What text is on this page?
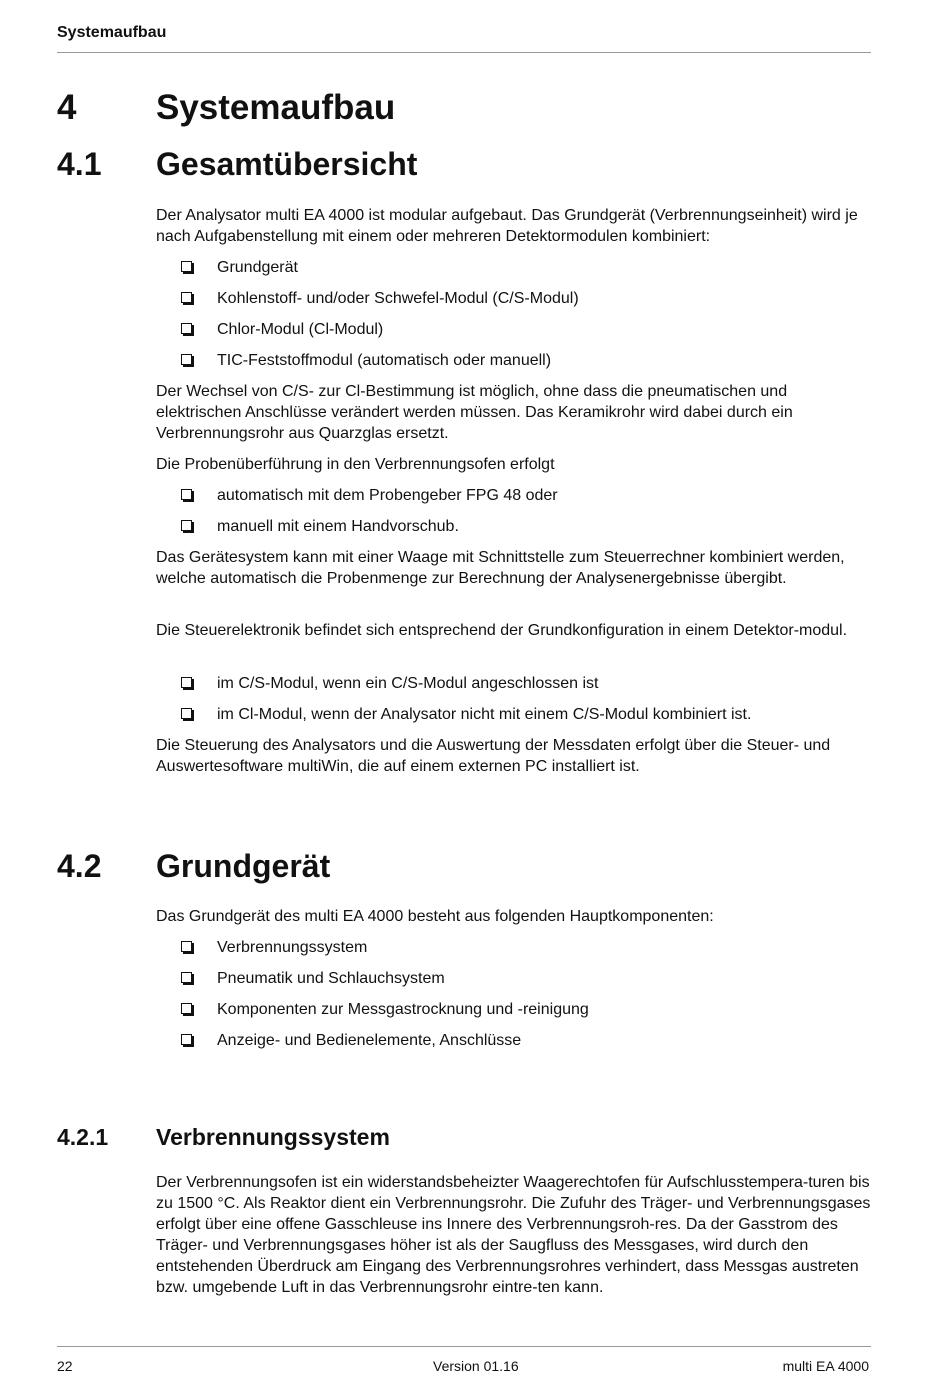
Systemaufbau
4 Systemaufbau
4.1 Gesamtübersicht
Der Analysator multi EA 4000 ist modular aufgebaut. Das Grundgerät (Verbrennungseinheit) wird je nach Aufgabenstellung mit einem oder mehreren Detektormodulen kombiniert:
Grundgerät
Kohlenstoff- und/oder Schwefel-Modul (C/S-Modul)
Chlor-Modul (Cl-Modul)
TIC-Feststoffmodul (automatisch oder manuell)
Der Wechsel von C/S- zur Cl-Bestimmung ist möglich, ohne dass die pneumatischen und elektrischen Anschlüsse verändert werden müssen. Das Keramikrohr wird dabei durch ein Verbrennungsrohr aus Quarzglas ersetzt.
Die Probenüberführung in den Verbrennungsofen erfolgt
automatisch mit dem Probengeber FPG 48 oder
manuell mit einem Handvorschub.
Das Gerätesystem kann mit einer Waage mit Schnittstelle zum Steuerrechner kombiniert werden, welche automatisch die Probenmenge zur Berechnung der Analysenergebnisse übergibt.
Die Steuerelektronik befindet sich entsprechend der Grundkonfiguration in einem Detektor-modul.
im C/S-Modul, wenn ein C/S-Modul angeschlossen ist
im Cl-Modul, wenn der Analysator nicht mit einem C/S-Modul kombiniert ist.
Die Steuerung des Analysators und die Auswertung der Messdaten erfolgt über die Steuer- und Auswertesoftware multiWin, die auf einem externen PC installiert ist.
4.2 Grundgerät
Das Grundgerät des multi EA 4000 besteht aus folgenden Hauptkomponenten:
Verbrennungssystem
Pneumatik und Schlauchsystem
Komponenten zur Messgastrocknung und -reinigung
Anzeige- und Bedienelemente, Anschlüsse
4.2.1 Verbrennungssystem
Der Verbrennungsofen ist ein widerstandsbeheizter Waagerechtofen für Aufschlusstempera-turen bis zu 1500 °C. Als Reaktor dient ein Verbrennungsrohr. Die Zufuhr des Träger- und Verbrennungsgases erfolgt über eine offene Gasschleuse ins Innere des Verbrennungsroh-res. Da der Gasstrom des Träger- und Verbrennungsgases höher ist als der Saugfluss des Messgases, wird durch den entstehenden Überdruck am Eingang des Verbrennungsrohres verhindert, dass Messgas austreten bzw. umgebende Luft in das Verbrennungsrohr eintre-ten kann.
22	Version 01.16	multi EA 4000
